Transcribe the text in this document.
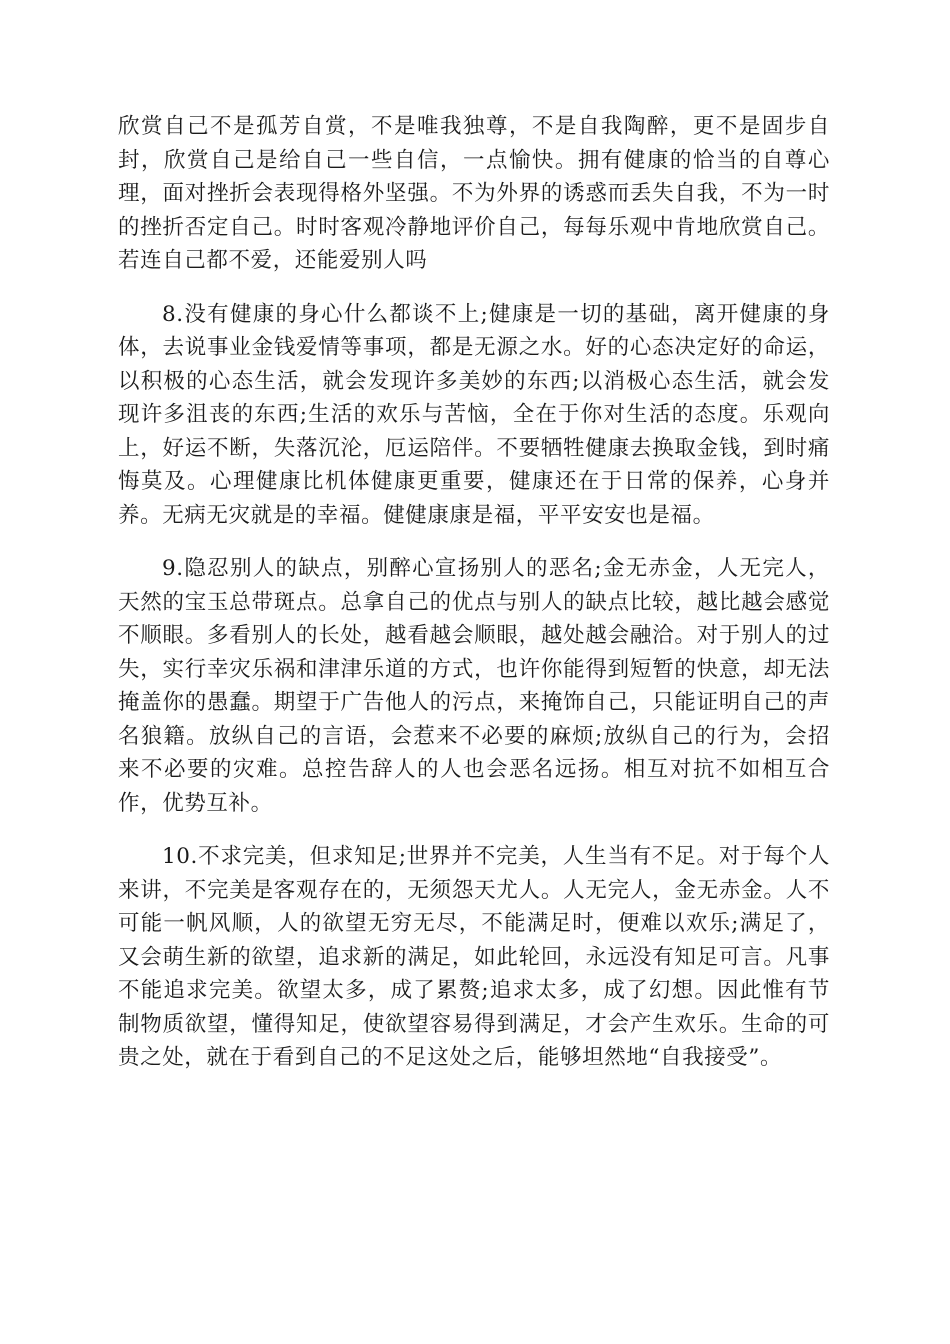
欣赏自己不是孤芳自赏，不是唯我独尊，不是自我陶醉，更不是固步自封，欣赏自己是给自己一些自信，一点愉快。拥有健康的恰当的自尊心理，面对挫折会表现得格外坚强。不为外界的诱惑而丢失自我，不为一时的挫折否定自己。时时客观冷静地评价自己，每每乐观中肯地欣赏自己。若连自己都不爱，还能爱别人吗

8.没有健康的身心什么都谈不上;健康是一切的基础，离开健康的身体，去说事业金钱爱情等事项，都是无源之水。好的心态决定好的命运，以积极的心态生活，就会发现许多美妙的东西;以消极心态生活，就会发现许多沮丧的东西;生活的欢乐与苦恼，全在于你对生活的态度。乐观向上，好运不断，失落沉沦，厄运陪伴。不要牺牲健康去换取金钱，到时痛悔莫及。心理健康比机体健康更重要，健康还在于日常的保养，心身并养。无病无灾就是的幸福。健健康康是福，平平安安也是福。

9.隐忍别人的缺点，别醉心宣扬别人的恶名;金无赤金，人无完人，天然的宝玉总带斑点。总拿自己的优点与别人的缺点比较，越比越会感觉不顺眼。多看别人的长处，越看越会顺眼，越处越会融洽。对于别人的过失，实行幸灾乐祸和津津乐道的方式，也许你能得到短暂的快意，却无法掩盖你的愚蠢。期望于广告他人的污点，来掩饰自己，只能证明自己的声名狼籍。放纵自己的言语，会惹来不必要的麻烦;放纵自己的行为，会招来不必要的灾难。总控告辞人的人也会恶名远扬。相互对抗不如相互合作，优势互补。

10.不求完美，但求知足;世界并不完美，人生当有不足。对于每个人来讲，不完美是客观存在的，无须怨天尤人。人无完人，金无赤金。人不可能一帆风顺，人的欲望无穷无尽，不能满足时，便难以欢乐;满足了，又会萌生新的欲望，追求新的满足，如此轮回，永远没有知足可言。凡事不能追求完美。欲望太多，成了累赘;追求太多，成了幻想。因此惟有节制物质欲望，懂得知足，使欲望容易得到满足，才会产生欢乐。生命的可贵之处，就在于看到自己的不足这处之后，能够坦然地“自我接受”。
